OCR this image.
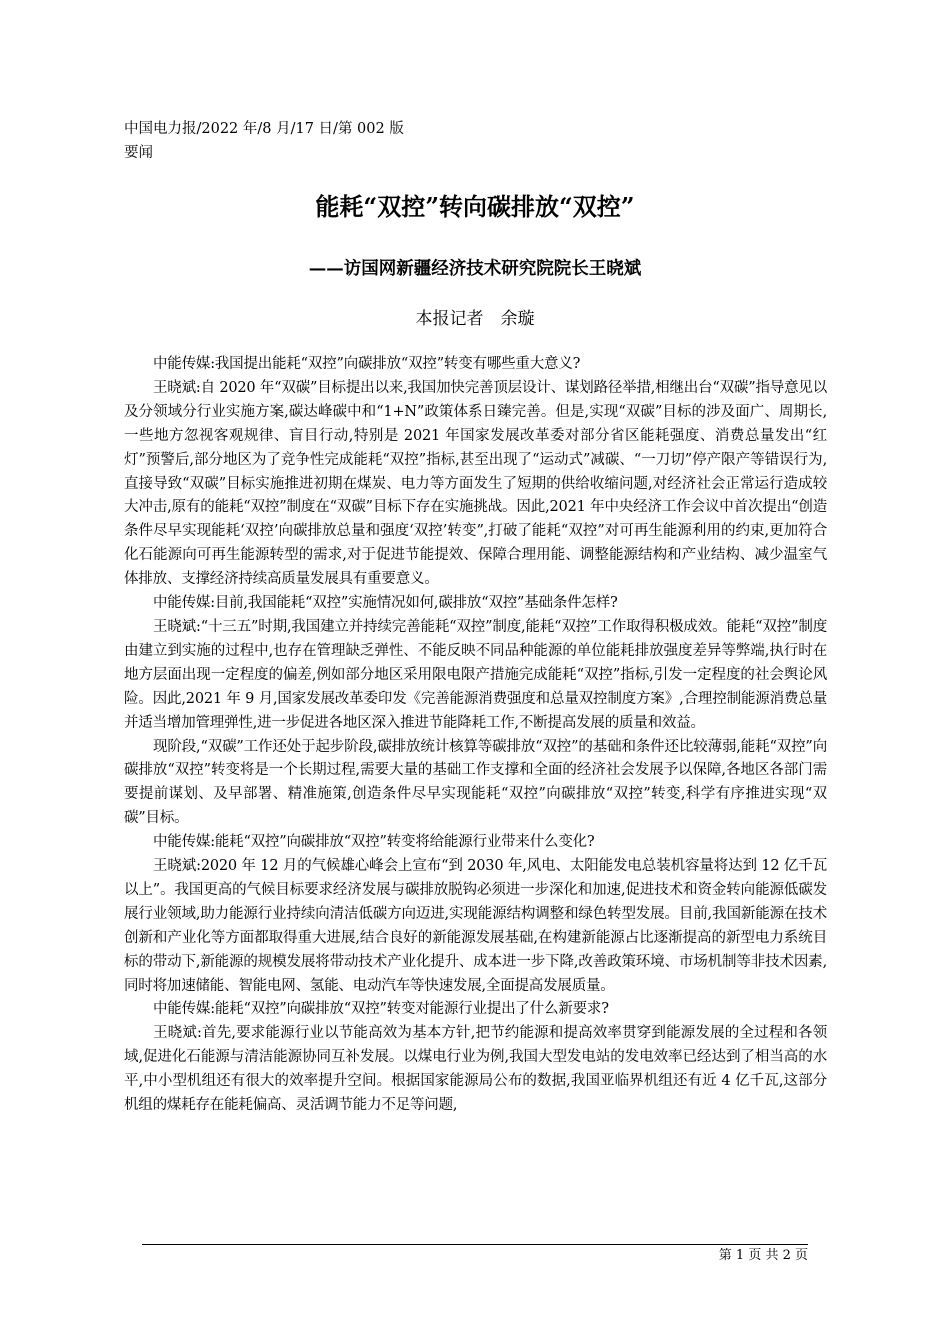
中国电力报/2022 年/8 月/17 日/第 002 版
要闻
能耗“双控”转向碳排放“双控”
——访国网新疆经济技术研究院院长王晓斌
本报记者　余璇

中能传媒:我国提出能耗“双控”向碳排放“双控”转变有哪些重大意义?

王晓斌:自 2020 年“双碳”目标提出以来,我国加快完善顶层设计、谋划路径举措,相继出台“双碳”指导意见以及分领域分行业实施方案,碳达峰碳中和“1+N”政策体系日臻完善。但是,实现“双碳”目标的涉及面广、周期长,一些地方忽视客观规律、盲目行动,特别是 2021 年国家发展改革委对部分省区能耗强度、消费总量发出“红灯”预警后,部分地区为了竞争性完成能耗“双控”指标,甚至出现了“运动式”减碳、“一刀切”停产限产等错误行为,直接导致“双碳”目标实施推进初期在煤炭、电力等方面发生了短期的供给收缩问题,对经济社会正常运行造成较大冲击,原有的能耗“双控”制度在“双碳”目标下存在实施挑战。因此,2021 年中央经济工作会议中首次提出“创造条件尽早实现能耗‘双控’向碳排放总量和强度‘双控’转变”,打破了能耗“双控”对可再生能源利用的约束,更加符合化石能源向可再生能源转型的需求,对于促进节能提效、保障合理用能、调整能源结构和产业结构、减少温室气体排放、支撑经济持续高质量发展具有重要意义。

中能传媒:目前,我国能耗“双控”实施情况如何,碳排放“双控”基础条件怎样?

王晓斌:“十三五”时期,我国建立并持续完善能耗“双控”制度,能耗“双控”工作取得积极成效。能耗“双控”制度由建立到实施的过程中,也存在管理缺乏弹性、不能反映不同品种能源的单位能耗排放强度差异等弊端,执行时在地方层面出现一定程度的偏差,例如部分地区采用限电限产措施完成能耗“双控”指标,引发一定程度的社会舆论风险。因此,2021 年 9 月,国家发展改革委印发《完善能源消费强度和总量双控制度方案》,合理控制能源消费总量并适当增加管理弹性,进一步促进各地区深入推进节能降耗工作,不断提高发展的质量和效益。

现阶段,“双碳”工作还处于起步阶段,碳排放统计核算等碳排放“双控”的基础和条件还比较薄弱,能耗“双控”向碳排放“双控”转变将是一个长期过程,需要大量的基础工作支撑和全面的经济社会发展予以保障,各地区各部门需要提前谋划、及早部署、精准施策,创造条件尽早实现能耗“双控”向碳排放“双控”转变,科学有序推进实现“双碳”目标。

中能传媒:能耗“双控”向碳排放“双控”转变将给能源行业带来什么变化?

王晓斌:2020 年 12 月的气候雄心峰会上宣布“到 2030 年,风电、太阳能发电总装机容量将达到 12 亿千瓦以上”。我国更高的气候目标要求经济发展与碳排放脱钩必须进一步深化和加速,促进技术和资金转向能源低碳发展行业领域,助力能源行业持续向清洁低碳方向迈进,实现能源结构调整和绿色转型发展。目前,我国新能源在技术创新和产业化等方面都取得重大进展,结合良好的新能源发展基础,在构建新能源占比逐渐提高的新型电力系统目标的带动下,新能源的规模发展将带动技术产业化提升、成本进一步下降,改善政策环境、市场机制等非技术因素,同时将加速储能、智能电网、氢能、电动汽车等快速发展,全面提高发展质量。

中能传媒:能耗“双控”向碳排放“双控”转变对能源行业提出了什么新要求?

王晓斌:首先,要求能源行业以节能高效为基本方针,把节约能源和提高效率贯穿到能源发展的全过程和各领域,促进化石能源与清洁能源协同互补发展。以煤电行业为例,我国大型发电站的发电效率已经达到了相当高的水平,中小型机组还有很大的效率提升空间。根据国家能源局公布的数据,我国亚临界机组还有近 4 亿千瓦,这部分机组的煤耗存在能耗偏高、灵活调节能力不足等问题,

第 1 页 共 2 页
